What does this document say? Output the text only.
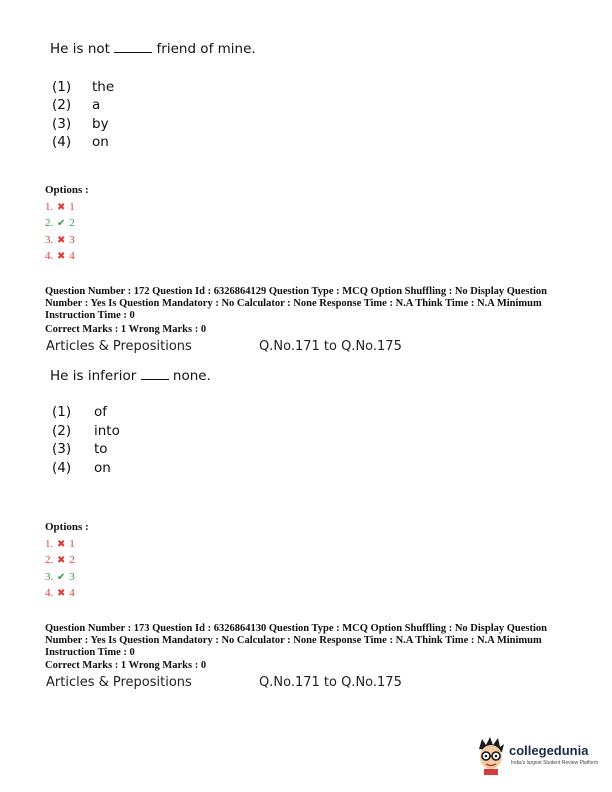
He is not	friend of mine.
(1) the
(2) a
(3) by
(4) on
Options :
1. ✖ 1
2. ✔ 2
3. ✖ 3
4. ✖ 4
Question Number : 172 Question Id : 6326864129 Question Type : MCQ Option Shuffling : No Display Question Number : Yes Is Question Mandatory : No Calculator : None Response Time : N.A Think Time : N.A Minimum Instruction Time : 0
Correct Marks : 1 Wrong Marks : 0
Articles & Prepositions	Q.No.171 to Q.No.175
He is inferior	none.
(1) of
(2) into
(3) to
(4) on
Options :
1. ✖ 1
2. ✖ 2
3. ✔ 3
4. ✖ 4
Question Number : 173 Question Id : 6326864130 Question Type : MCQ Option Shuffling : No Display Question Number : Yes Is Question Mandatory : No Calculator : None Response Time : N.A Think Time : N.A Minimum Instruction Time : 0
Correct Marks : 1 Wrong Marks : 0
Articles & Prepositions	Q.No.171 to Q.No.175
collegedunia
India's largest Student Review Platform
